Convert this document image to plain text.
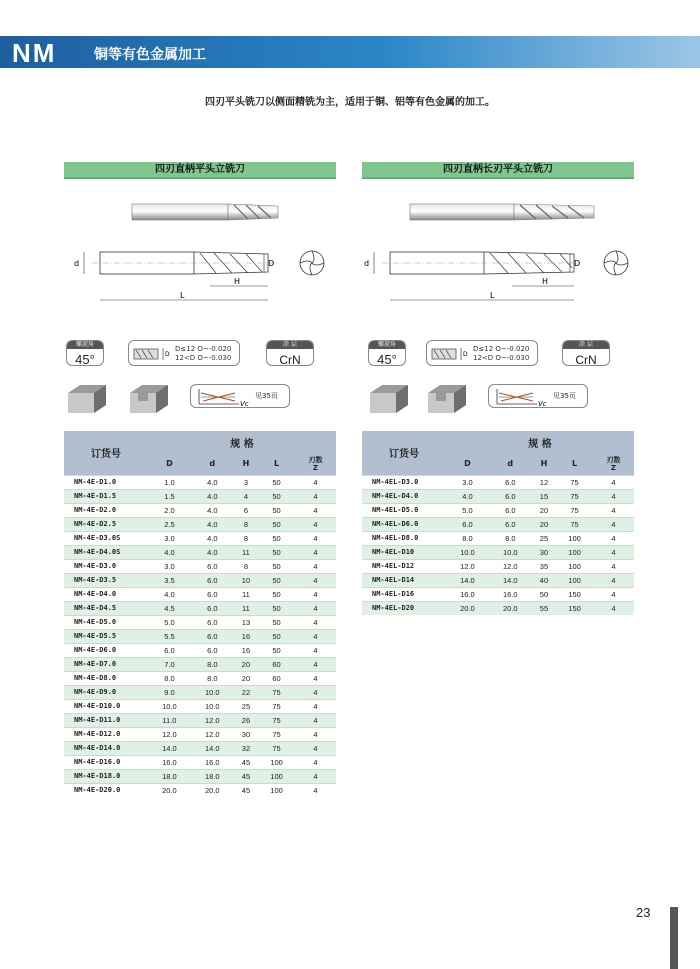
NM	铜等有色金属加工
四刃平头铣刀以侧面精铣为主，适用于铜、铝等有色金属的加工。
四刃直柄平头立铣刀
d	D
H
L
螺旋角
45°	D
D≤12 O~-0.020
12<D O~-0.030
涂 层
CrN
Vc
见35页
订货号	规 格				
	D	d	H	L	刃数
Z
NM-4E-D1.0	1.0	4.0	3	50	4
NM-4E-D1.5	1.5	4.0	4	50	4
NM-4E-D2.0	2.0	4.0	6	50	4
NM-4E-D2.5	2.5	4.0	8	50	4
NM-4E-D3.0S	3.0	4.0	8	50	4
NM-4E-D4.0S	4.0	4.0	11	50	4
NM-4E-D3.0	3.0	6.0	8	50	4
NM-4E-D3.5	3.5	6.0	10	50	4
NM-4E-D4.0	4.0	6.0	11	50	4
NM-4E-D4.5	4.5	6.0	11	50	4
NM-4E-D5.0	5.0	6.0	13	50	4
NM-4E-D5.5	5.5	6.0	16	50	4
NM-4E-D6.0	6.0	6.0	16	50	4
NM-4E-D7.0	7.0	8.0	20	60	4
NM-4E-D8.0	8.0	8.0	20	60	4
NM-4E-D9.0	9.0	10.0	22	75	4
NM-4E-D10.0	10.0	10.0	25	75	4
NM-4E-D11.0	11.0	12.0	26	75	4
NM-4E-D12.0	12.0	12.0	30	75	4
NM-4E-D14.0	14.0	14.0	32	75	4
NM-4E-D16.0	16.0	16.0	45	100	4
NM-4E-D18.0	18.0	18.0	45	100	4
NM-4E-D20.0	20.0	20.0	45	100	4
四刃直柄长刃平头立铣刀
d	D
H
L
螺旋角
45°	D
D≤12 O~-0.020
12<D O~-0.030
涂 层
CrN
Vc
见35页
订货号	规 格				
	D	d	H	L	刃数
Z
NM-4EL-D3.0	3.0	6.0	12	75	4
NM-4EL-D4.0	4.0	6.0	15	75	4
NM-4EL-D5.0	5.0	6.0	20	75	4
NM-4EL-D6.0	6.0	6.0	20	75	4
NM-4EL-D8.0	8.0	8.0	25	100	4
NM-4EL-D10	10.0	10.0	30	100	4
NM-4EL-D12	12.0	12.0	35	100	4
NM-4EL-D14	14.0	14.0	40	100	4
NM-4EL-D16	16.0	16.0	50	150	4
NM-4EL-D20	20.0	20.0	55	150	4
23
